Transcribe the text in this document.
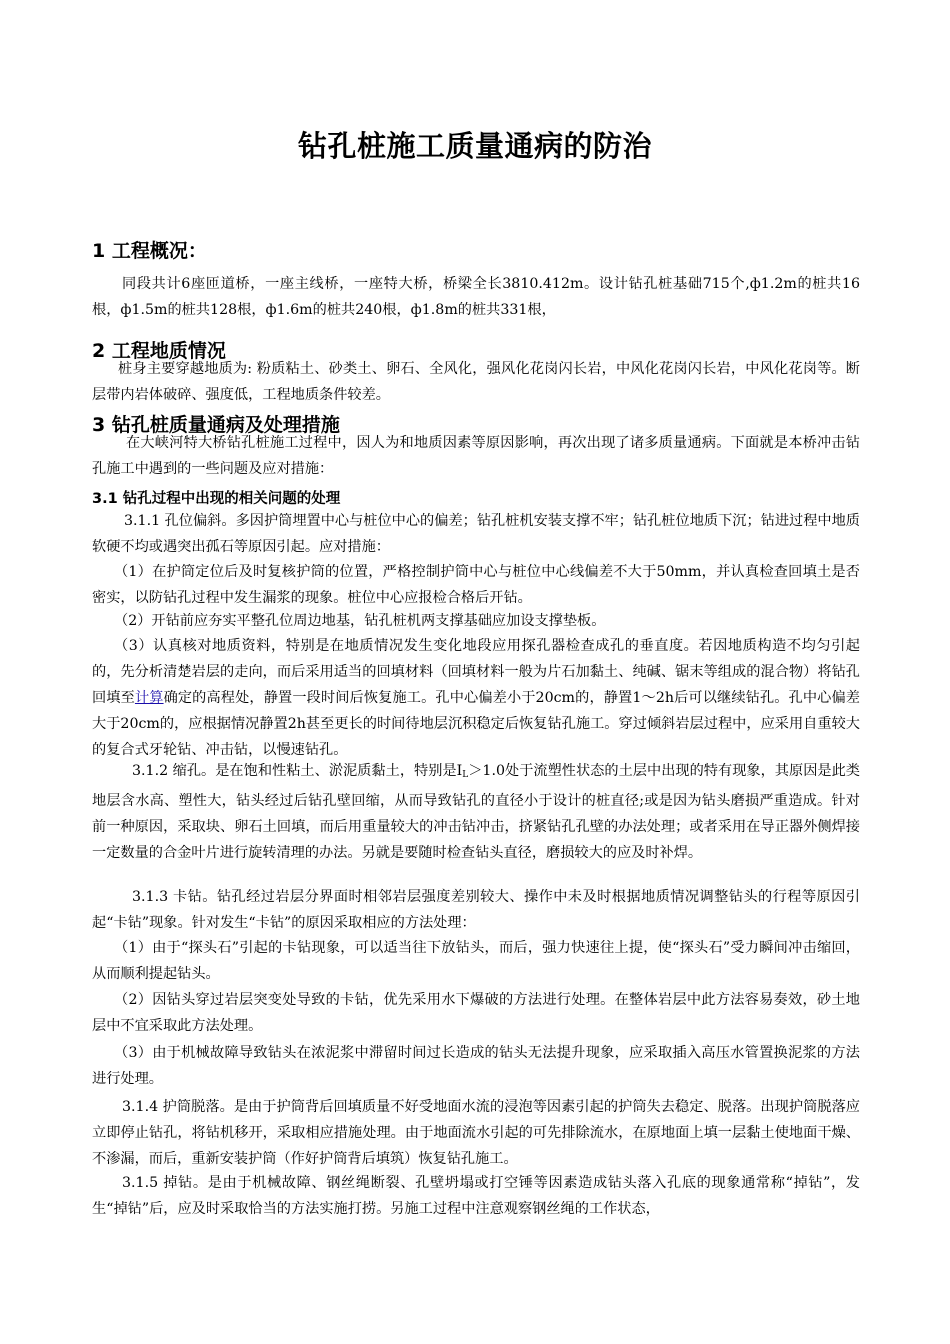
钻孔桩施工质量通病的防治
1 工程概况：
同段共计6座匝道桥，一座主线桥，一座特大桥，桥梁全长3810.412m。设计钻孔桩基础715个,ф1.2m的桩共16根，ф1.5m的桩共128根，ф1.6m的桩共240根，ф1.8m的桩共331根，
2 工程地质情况
桩身主要穿越地质为: 粉质粘土、砂类土、卵石、全风化，强风化花岗闪长岩，中风化花岗闪长岩，中风化花岗等。断层带内岩体破碎、强度低，工程地质条件较差。
3 钻孔桩质量通病及处理措施
在大峡河特大桥钻孔桩施工过程中，因人为和地质因素等原因影响，再次出现了诸多质量通病。下面就是本桥冲击钻孔施工中遇到的一些问题及应对措施：
3.1 钻孔过程中出现的相关问题的处理
3.1.1 孔位偏斜。多因护筒埋置中心与桩位中心的偏差；钻孔桩机安装支撑不牢；钻孔桩位地质下沉；钻进过程中地质软硬不均或遇突出孤石等原因引起。应对措施：
（1）在护筒定位后及时复核护筒的位置，严格控制护筒中心与桩位中心线偏差不大于50mm，并认真检查回填土是否密实，以防钻孔过程中发生漏浆的现象。桩位中心应报检合格后开钻。
（2）开钻前应夯实平整孔位周边地基，钻孔桩机两支撑基础应加设支撑垫板。
（3）认真核对地质资料，特别是在地质情况发生变化地段应用探孔器检查成孔的垂直度。若因地质构造不均匀引起的，先分析清楚岩层的走向，而后采用适当的回填材料（回填材料一般为片石加黏土、纯碱、锯末等组成的混合物）将钻孔回填至计算确定的高程处，静置一段时间后恢复施工。孔中心偏差小于20cm的，静置1～2h后可以继续钻孔。孔中心偏差大于20cm的，应根据情况静置2h甚至更长的时间待地层沉积稳定后恢复钻孔施工。穿过倾斜岩层过程中，应采用自重较大的复合式牙轮钻、冲击钻，以慢速钻孔。
3.1.2 缩孔。是在饱和性粘土、淤泥质黏土，特别是$I_L>1.0$处于流塑性状态的土层中出现的特有现象，其原因是此类地层含水高、塑性大，钻头经过后钻孔壁回缩，从而导致钻孔的直径小于设计的桩直径;或是因为钻头磨损严重造成。针对前一种原因，采取块、卵石土回填，而后用重量较大的冲击钻冲击，挤紧钻孔孔壁的办法处理；或者采用在导正器外侧焊接一定数量的合金叶片进行旋转清理的办法。另就是要随时检查钻头直径，磨损较大的应及时补焊。
3.1.3 卡钻。钻孔经过岩层分界面时相邻岩层强度差别较大、操作中未及时根据地质情况调整钻头的行程等原因引起“卡钻”现象。针对发生“卡钻”的原因采取相应的方法处理：
（1）由于“探头石”引起的卡钻现象，可以适当往下放钻头，而后，强力快速往上提，使“探头石”受力瞬间冲击缩回，从而顺利提起钻头。
（2）因钻头穿过岩层突变处导致的卡钻，优先采用水下爆破的方法进行处理。在整体岩层中此方法容易奏效，砂土地层中不宜采取此方法处理。
（3）由于机械故障导致钻头在浓泥浆中滞留时间过长造成的钻头无法提升现象，应采取插入高压水管置换泥浆的方法进行处理。
3.1.4 护筒脱落。是由于护筒背后回填质量不好受地面水流的浸泡等因素引起的护筒失去稳定、脱落。出现护筒脱落应立即停止钻孔，将钻机移开，采取相应措施处理。由于地面流水引起的可先排除流水，在原地面上填一层黏土使地面干燥、不渗漏，而后，重新安装护筒（作好护筒背后填筑）恢复钻孔施工。
3.1.5 掉钻。是由于机械故障、钢丝绳断裂、孔壁坍塌或打空锤等因素造成钻头落入孔底的现象通常称“掉钻”，发生“掉钻”后，应及时采取恰当的方法实施打捞。另施工过程中注意观察钢丝绳的工作状态，
